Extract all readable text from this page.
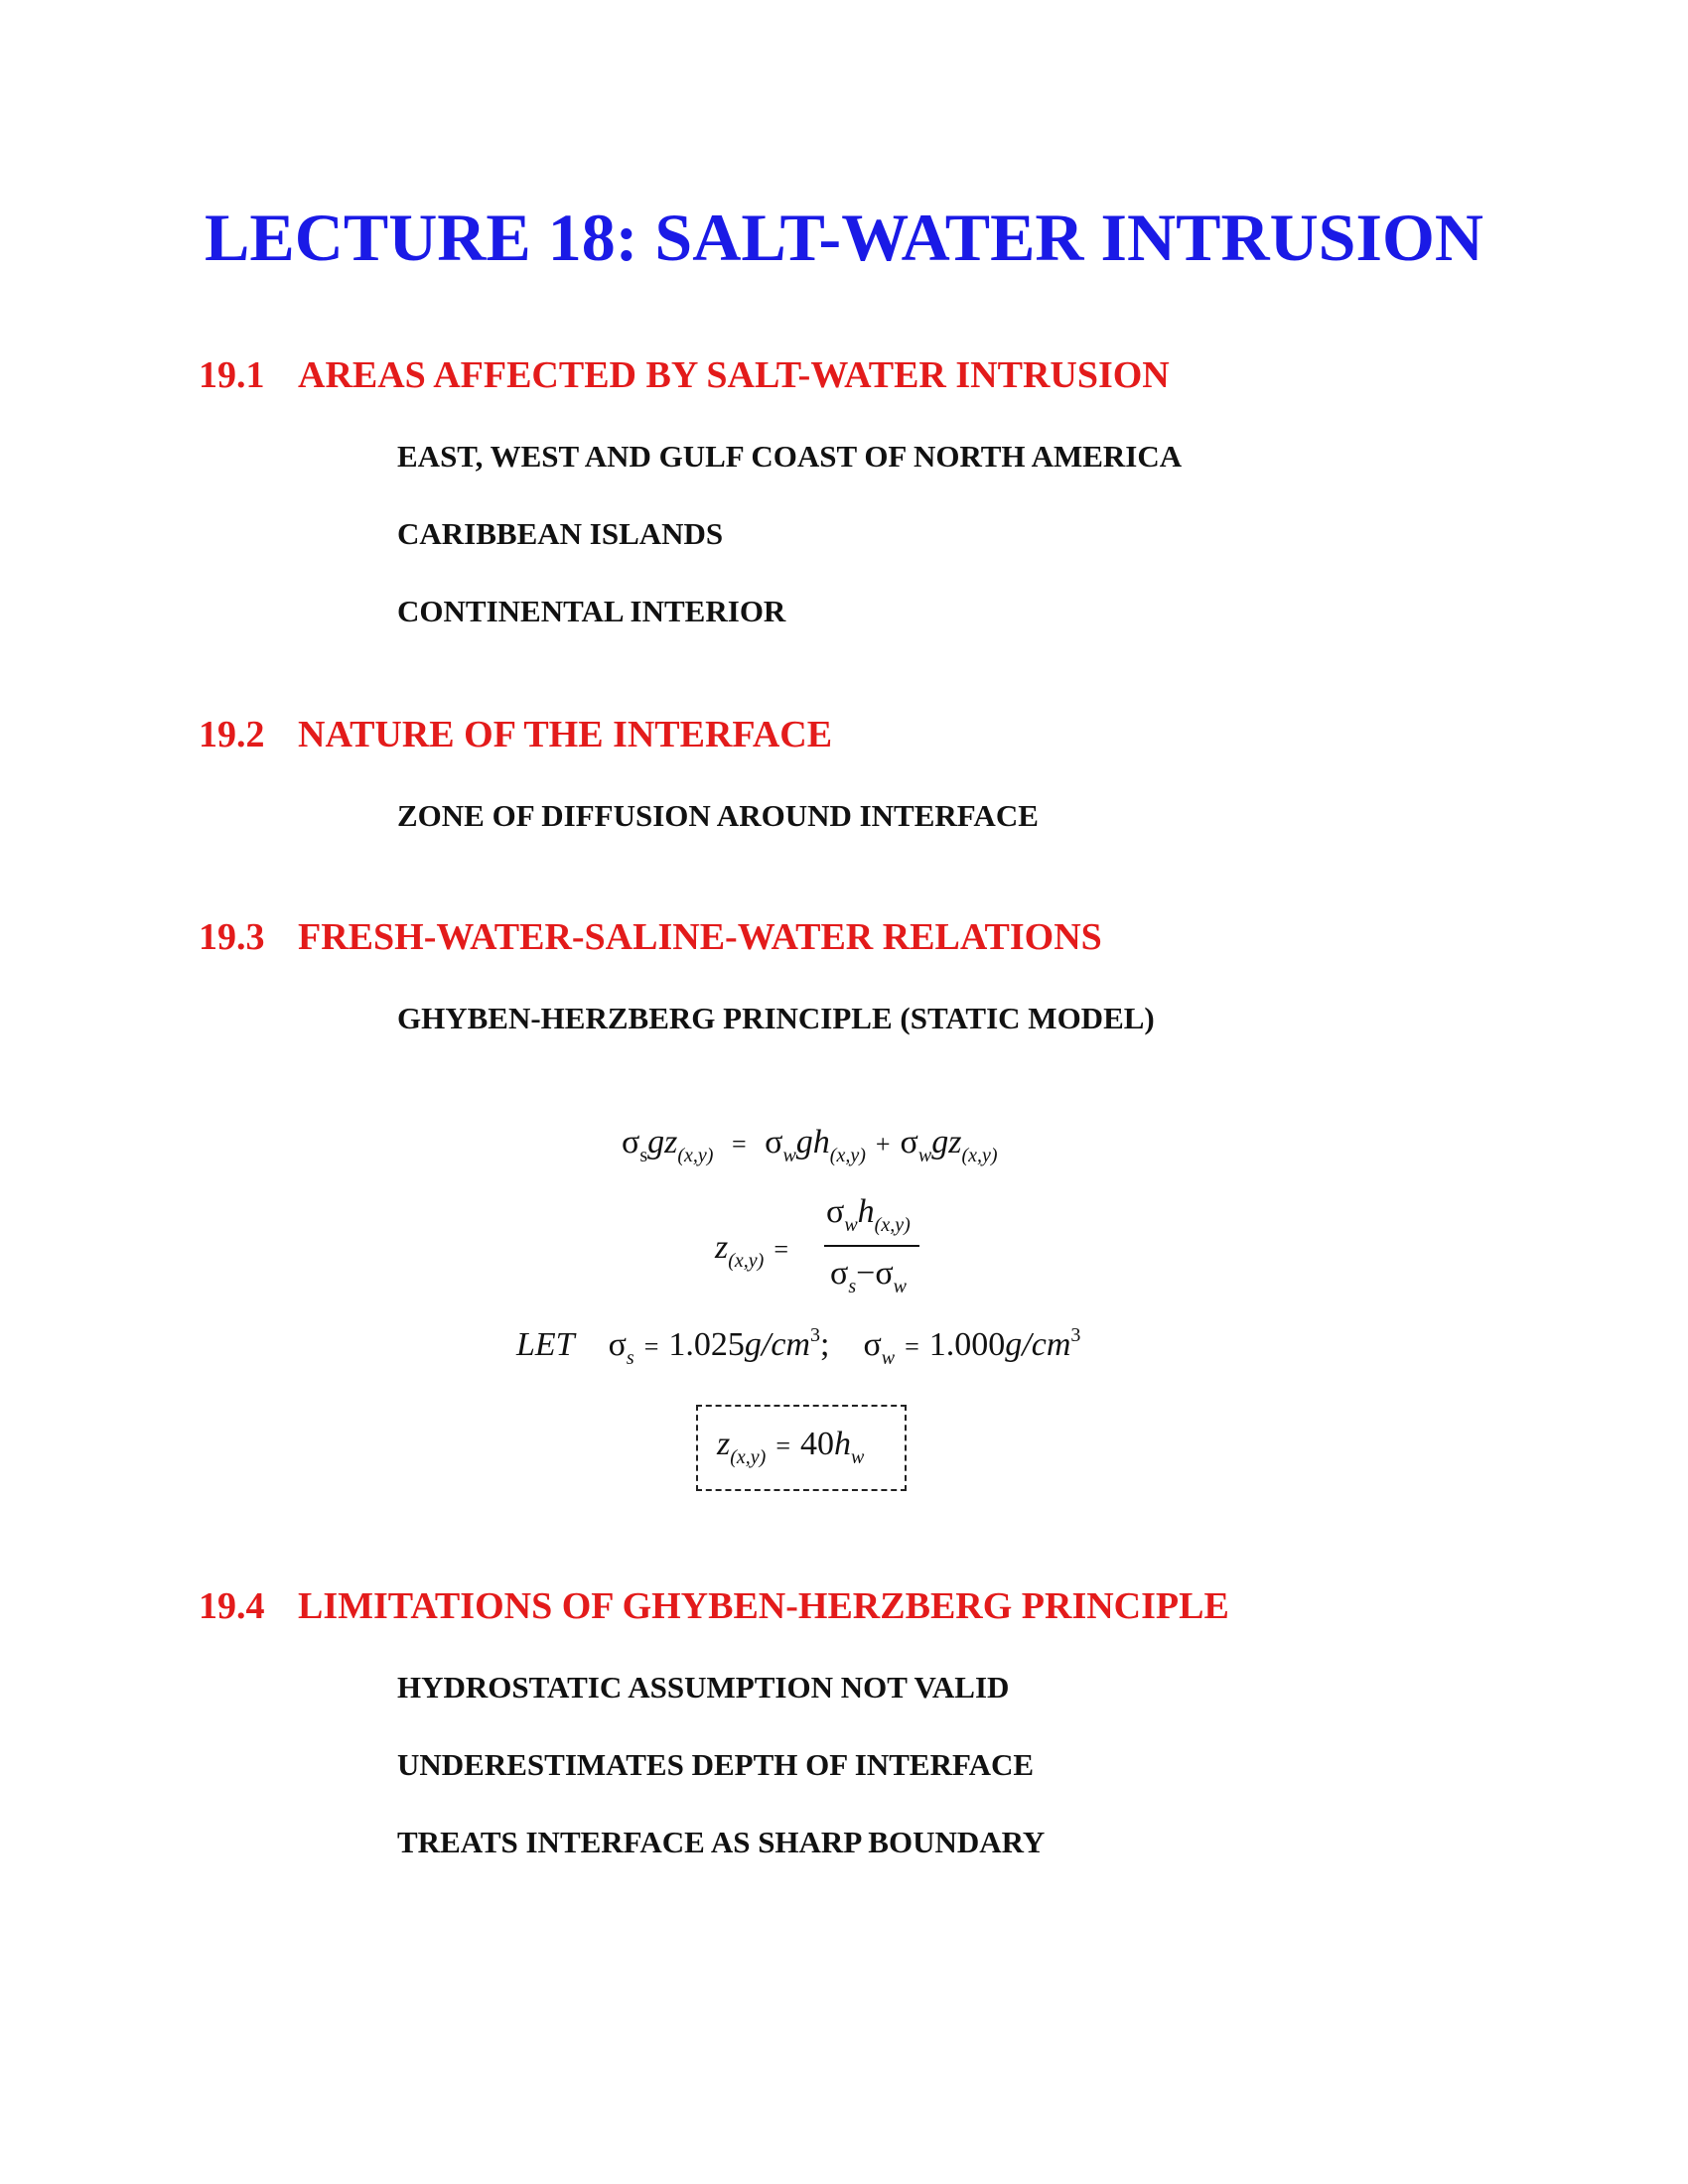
LECTURE 18: SALT-WATER INTRUSION
19.1 AREAS AFFECTED BY SALT-WATER INTRUSION
EAST, WEST AND GULF COAST OF NORTH AMERICA
CARIBBEAN ISLANDS
CONTINENTAL INTERIOR
19.2 NATURE OF THE INTERFACE
ZONE OF DIFFUSION AROUND INTERFACE
19.3 FRESH-WATER-SALINE-WATER RELATIONS
GHYBEN-HERZBERG PRINCIPLE (STATIC MODEL)
$\sigma_sgz_{(x,y)} = \sigma_wgh_{(x,y)} + \sigma_wgz_{(x,y)}$
$z_{(x,y)}$ =
$\sigma_wh_{(x,y)}$
$\sigma_s-\sigma_w$
LET $\sigma_s = 1.025g/cm^3$; $\sigma_w = 1.000g/cm^3$
$z_{(x,y)} = 40h_w$
19.4 LIMITATIONS OF GHYBEN-HERZBERG PRINCIPLE
HYDROSTATIC ASSUMPTION NOT VALID
UNDERESTIMATES DEPTH OF INTERFACE
TREATS INTERFACE AS SHARP BOUNDARY
